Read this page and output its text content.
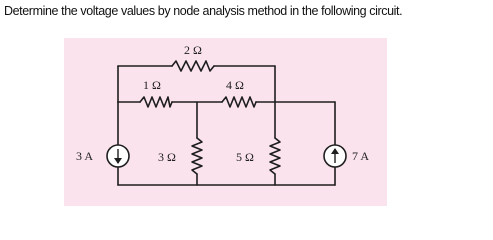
Determine the voltage values by node analysis method in the following circuit.
2 Ω
1 Ω	4 Ω
3 Ω	5 Ω
3 A	7 A
